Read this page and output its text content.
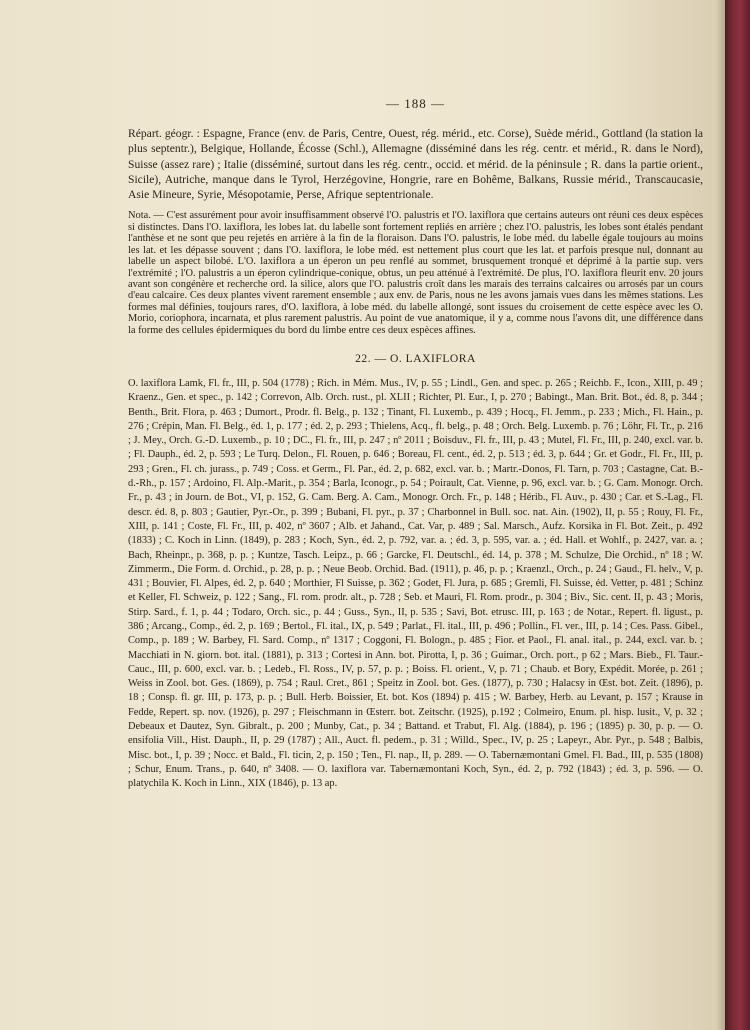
— 188 —

Répart. géogr. : Espagne, France (env. de Paris, Centre, Ouest, rég. mérid., etc. Corse), Suède mérid., Gottland (la station la plus septentr.), Belgique, Hollande, Écosse (Schl.), Allemagne (disséminé dans les rég. centr. et mérid., R. dans le Nord), Suisse (assez rare) ; Italie (disséminé, surtout dans les rég. centr., occid. et mérid. de la péninsule ; R. dans la partie orient., Sicile), Autriche, manque dans le Tyrol, Herzégovine, Hongrie, rare en Bohême, Balkans, Russie mérid., Transcaucasie, Asie Mineure, Syrie, Mésopotamie, Perse, Afrique septentrionale.

Nota. — C'est assurément pour avoir insuffisamment observé l'O. palustris et l'O. laxiflora que certains auteurs ont réuni ces deux espèces si distinctes. Dans l'O. laxiflora, les lobes lat. du labelle sont fortement repliés en arrière ; chez l'O. palustris, les lobes sont étalés pendant l'anthèse et ne sont que peu rejetés en arrière à la fin de la floraison. Dans l'O. palustris, le lobe méd. du labelle égale toujours au moins les lat. et les dépasse souvent ; dans l'O. laxiflora, le lobe méd. est nettement plus court que les lat. et parfois presque nul, donnant au labelle un aspect bilobé. L'O. laxiflora a un éperon un peu renflé au sommet, brusquement tronqué et déprimé à la partie sup. vers l'extrémité ; l'O. palustris a un éperon cylindrique-conique, obtus, un peu atténué à l'extrémité. De plus, l'O. laxiflora fleurit env. 20 jours avant son congénère et recherche ord. la silice, alors que l'O. palustris croît dans les marais des terrains calcaires ou arrosés par un cours d'eau calcaire. Ces deux plantes vivent rarement ensemble ; aux env. de Paris, nous ne les avons jamais vues dans les mêmes stations. Les formes mal définies, toujours rares, d'O. laxiflora, à lobe méd. du labelle allongé, sont issues du croisement de cette espèce avec les O. Morio, coriophora, incarnata, et plus rarement palustris. Au point de vue anatomique, il y a, comme nous l'avons dit, une différence dans la forme des cellules épidermiques du bord du limbe entre ces deux espèces affines.

22. — O. LAXIFLORA

O. laxiflora Lamk, Fl. fr., III, p. 504 (1778) ; Rich. in Mém. Mus., IV, p. 55 ; Lindl., Gen. and spec. p. 265 ; Reichb. F., Icon., XIII, p. 49 ; Kraenz., Gen. et spec., p. 142 ; Correvon, Alb. Orch. rust., pl. XLII ; Richter, Pl. Eur., I, p. 270 ; Babingt., Man. Brit. Bot., éd. 8, p. 344 ; Benth., Brit. Flora, p. 463 ; Dumort., Prodr. fl. Belg., p. 132 ; Tinant, Fl. Luxemb., p. 439 ; Hocq., Fl. Jemm., p. 233 ; Mich., Fl. Hain., p. 276 ; Crépin, Man. Fl. Belg., éd. 1, p. 177 ; éd. 2, p. 293 ; Thielens, Acq., fl. belg., p. 48 ; Orch. Belg. Luxemb. p. 76 ; Löhr, Fl. Tr., p. 216 ; J. Mey., Orch. G.-D. Luxemb., p. 10 ; DC., Fl. fr., III, p. 247 ; nº 2011 ; Boisduv., Fl. fr., III, p. 43 ; Mutel, Fl. Fr., III, p. 240, excl. var. b. ; Fl. Dauph., éd. 2, p. 593 ; Le Turq. Delon., Fl. Rouen, p. 646 ; Boreau, Fl. cent., éd. 2, p. 513 ; éd. 3, p. 644 ; Gr. et Godr., Fl. Fr., III, p. 293 ; Gren., Fl. ch. jurass., p. 749 ; Coss. et Germ., Fl. Par., éd. 2, p. 682, excl. var. b. ; Martr.-Donos, Fl. Tarn, p. 703 ; Castagne, Cat. B.-d.-Rh., p. 157 ; Ardoino, Fl. Alp.-Marit., p. 354 ; Barla, Iconogr., p. 54 ; Poirault, Cat. Vienne, p. 96, excl. var. b. ; G. Cam. Monogr. Orch. Fr., p. 43 ; in Journ. de Bot., VI, p. 152, G. Cam. Berg. A. Cam., Monogr. Orch. Fr., p. 148 ; Hérib., Fl. Auv., p. 430 ; Car. et S.-Lag., Fl. descr. éd. 8, p. 803 ; Gautier, Pyr.-Or., p. 399 ; Bubani, Fl. pyr., p. 37 ; Charbonnel in Bull. soc. nat. Ain. (1902), II, p. 55 ; Rouy, Fl. Fr., XIII, p. 141 ; Coste, Fl. Fr., III, p. 402, nº 3607 ; Alb. et Jahand., Cat. Var, p. 489 ; Sal. Marsch., Aufz. Korsika in Fl. Bot. Zeit., p. 492 (1833) ; C. Koch in Linn. (1849), p. 283 ; Koch, Syn., éd. 2, p. 792, var. a. ; éd. 3, p. 595, var. a. ; éd. Hall. et Wohlf., p. 2427, var. a. ; Bach, Rheinpr., p. 368, p. p. ; Kuntze, Tasch. Leipz., p. 66 ; Garcke, Fl. Deutschl., éd. 14, p. 378 ; M. Schulze, Die Orchid., nº 18 ; W. Zimmerm., Die Form. d. Orchid., p. 28, p. p. ; Neue Beob. Orchid. Bad. (1911), p. 46, p. p. ; Kraenzl., Orch., p. 24 ; Gaud., Fl. helv., V, p. 431 ; Bouvier, Fl. Alpes, éd. 2, p. 640 ; Morthier, Fl Suisse, p. 362 ; Godet, Fl. Jura, p. 685 ; Gremli, Fl. Suisse, éd. Vetter, p. 481 ; Schinz et Keller, Fl. Schweiz, p. 122 ; Sang., Fl. rom. prodr. alt., p. 728 ; Seb. et Mauri, Fl. Rom. prodr., p. 304 ; Biv., Sic. cent. II, p. 43 ; Moris, Stirp. Sard., f. 1, p. 44 ; Todaro, Orch. sic., p. 44 ; Guss., Syn., II, p. 535 ; Savi, Bot. etrusc. III, p. 163 ; de Notar., Repert. fl. ligust., p. 386 ; Arcang., Comp., éd. 2, p. 169 ; Bertol., Fl. ital., IX, p. 549 ; Parlat., Fl. ital., III, p. 496 ; Pollin., Fl. ver., III, p. 14 ; Ces. Pass. Gibel., Comp., p. 189 ; W. Barbey, Fl. Sard. Comp., nº 1317 ; Coggoni, Fl. Bologn., p. 485 ; Fior. et Paol., Fl. anal. ital., p. 244, excl. var. b. ; Macchiati in N. giorn. bot. ital. (1881), p. 313 ; Cortesi in Ann. bot. Pirotta, I, p. 36 ; Guimar., Orch. port., p 62 ; Mars. Bieb., Fl. Taur.-Cauc., III, p. 600, excl. var. b. ; Ledeb., Fl. Ross., IV, p. 57, p. p. ; Boiss. Fl. orient., V, p. 71 ; Chaub. et Bory, Expédit. Morée, p. 261 ; Weiss in Zool. bot. Ges. (1869), p. 754 ; Raul. Cret., 861 ; Speitz in Zool. bot. Ges. (1877), p. 730 ; Halacsy in Œst. bot. Zeit. (1896), p. 18 ; Consp. fl. gr. III, p. 173, p. p. ; Bull. Herb. Boissier, Et. bot. Kos (1894) p. 415 ; W. Barbey, Herb. au Levant, p. 157 ; Krause in Fedde, Repert. sp. nov. (1926), p. 297 ; Fleischmann in Œsterr. bot. Zeitschr. (1925), p.192 ; Colmeiro, Enum. pl. hisp. lusit., V, p. 32 ; Debeaux et Dautez, Syn. Gibralt., p. 200 ; Munby, Cat., p. 34 ; Battand. et Trabut, Fl. Alg. (1884), p. 196 ; (1895) p. 30, p. p. — O. ensifolia Vill., Hist. Dauph., II, p. 29 (1787) ; All., Auct. fl. pedem., p. 31 ; Willd., Spec., IV, p. 25 ; Lapeyr., Abr. Pyr., p. 548 ; Balbis, Misc. bot., I, p. 39 ; Nocc. et Bald., Fl. ticin, 2, p. 150 ; Ten., Fl. nap., II, p. 289. — O. Tabernæmontani Gmel. Fl. Bad., III, p. 535 (1808) ; Schur, Enum. Trans., p. 640, nº 3408. — O. laxiflora var. Tabernæmontani Koch, Syn., éd. 2, p. 792 (1843) ; éd. 3, p. 596. — O. platychila K. Koch in Linn., XIX (1846), p. 13 ap.
